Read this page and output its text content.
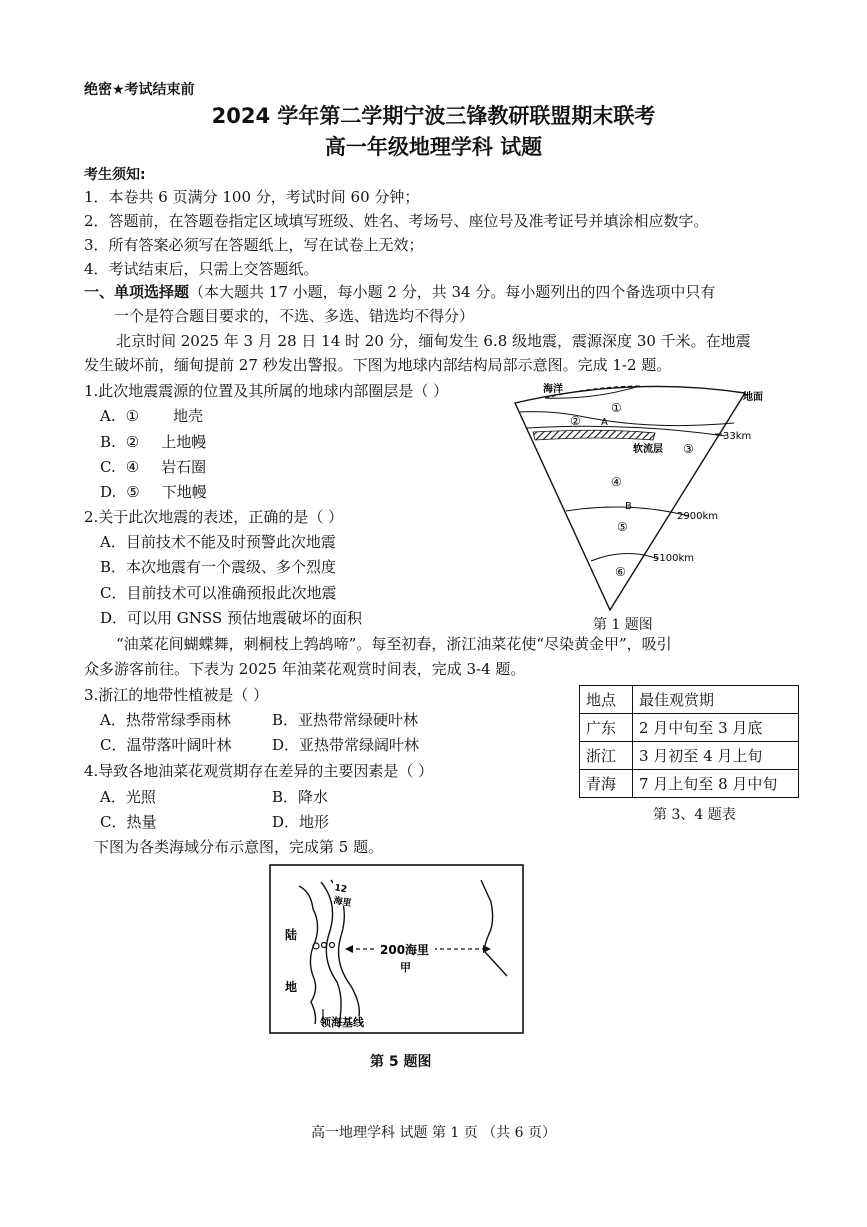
绝密★考试结束前
2024 学年第二学期宁波三锋教研联盟期末联考
高一年级地理学科 试题
考生须知:
1．本卷共 6 页满分 100 分，考试时间 60 分钟；
2．答题前，在答题卷指定区域填写班级、姓名、考场号、座位号及准考证号并填涂相应数字。
3．所有答案必须写在答题纸上，写在试卷上无效；
4．考试结束后，只需上交答题纸。
一、单项选择题（本大题共 17 小题，每小题 2 分，共 34 分。每小题列出的四个备选项中只有
一个是符合题目要求的，不选、多选、错选均不得分）
北京时间 2025 年 3 月 28 日 14 时 20 分，缅甸发生 6.8 级地震，震源深度 30 千米。在地震
发生破坏前，缅甸提前 27 秒发出警报。下图为地球内部结构局部示意图。完成 1-2 题。
1.此次地震震源的位置及其所属的地球内部圈层是（ ）
A. ① 地壳
B. ② 上地幔
C. ④ 岩石圈
D. ⑤ 下地幔
2.关于此次地震的表述，正确的是（ ）
A．目前技术不能及时预警此次地震
B．本次地震有一个震级、多个烈度
C．目前技术可以准确预报此次地震
D．可以用 GNSS 预估地震破坏的面积
海洋
地面
①
② A
软流层 ③
33km
④
B
⑤
2900km
5100km
⑥
第 1 题图
“油菜花间蝴蝶舞，刺桐枝上鹁鸪啼”。每至初春，浙江油菜花使“尽染黄金甲”，吸引
众多游客前往。下表为 2025 年油菜花观赏时间表，完成 3-4 题。
3.浙江的地带性植被是（ ）
A．热带常绿季雨林	B．亚热带常绿硬叶林
C．温带落叶阔叶林	D．亚热带常绿阔叶林
4.导致各地油菜花观赏期存在差异的主要因素是（ ）
A．光照	B．降水
C．热量	D．地形
地点	最佳观赏期
广东	2 月中旬至 3 月底
浙江	3 月初至 4 月上旬
青海	7 月上旬至 8 月中旬
第 3、4 题表
下图为各类海域分布示意图，完成第 5 题。
12
海里
陆
地
200海里
甲
领海基线
第 5 题图
高一地理学科 试题 第 1 页 （共 6 页）
